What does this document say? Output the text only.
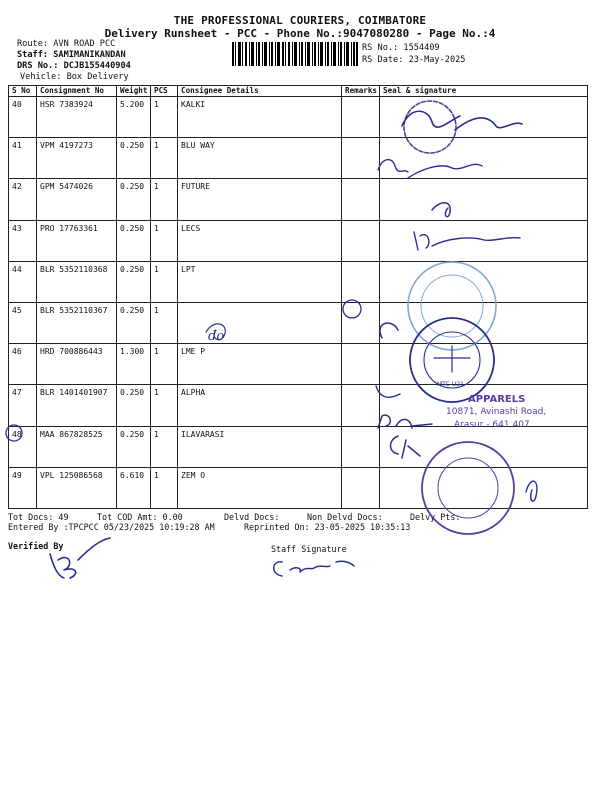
THE PROFESSIONAL COURIERS, COIMBATORE
Delivery Runsheet - PCC - Phone No.:9047080280 - Page No.:4
Route: AVN ROAD PCC
Staff: SAMIMANIKANDAN
DRS No.: DCJB155440904
Vehicle: Box Delivery
RS No.: 1554409
RS Date: 23-May-2025
S No	Consignment No	Weight	PCS	Consignee Details	Remarks	Seal & signature
40	HSR 7383924	5.200	1	KALKI		
41	VPM 4197273	0.250	1	BLU WAY		
42	GPM 5474026	0.250	1	FUTURE		
43	PRO 17763361	0.250	1	LECS		
44	BLR 5352110368	0.250	1	LPT		
45	BLR 5352110367	0.250	1			
46	HRD 700886443	1.300	1	LME P		
47	BLR 1401401907	0.250	1	ALPHA		
48	MAA 867828525	0.250	1	ILAVARASI		
49	VPL 125086568	6.610	1	ZEM O		
Tot Docs: 49	Tot COD Amt: 0.00	Delvd Docs:	Non Delvd Docs:	Delvy Pts:
Entered By :TPCPCC 05/23/2025 10:19:28 AM	Reprinted On: 23-05-2025 10:35:13
Verified By	Staff Signature
do
MTC-U21
APPARELS
10871, Avinashi Road,
Arasur - 641 407
